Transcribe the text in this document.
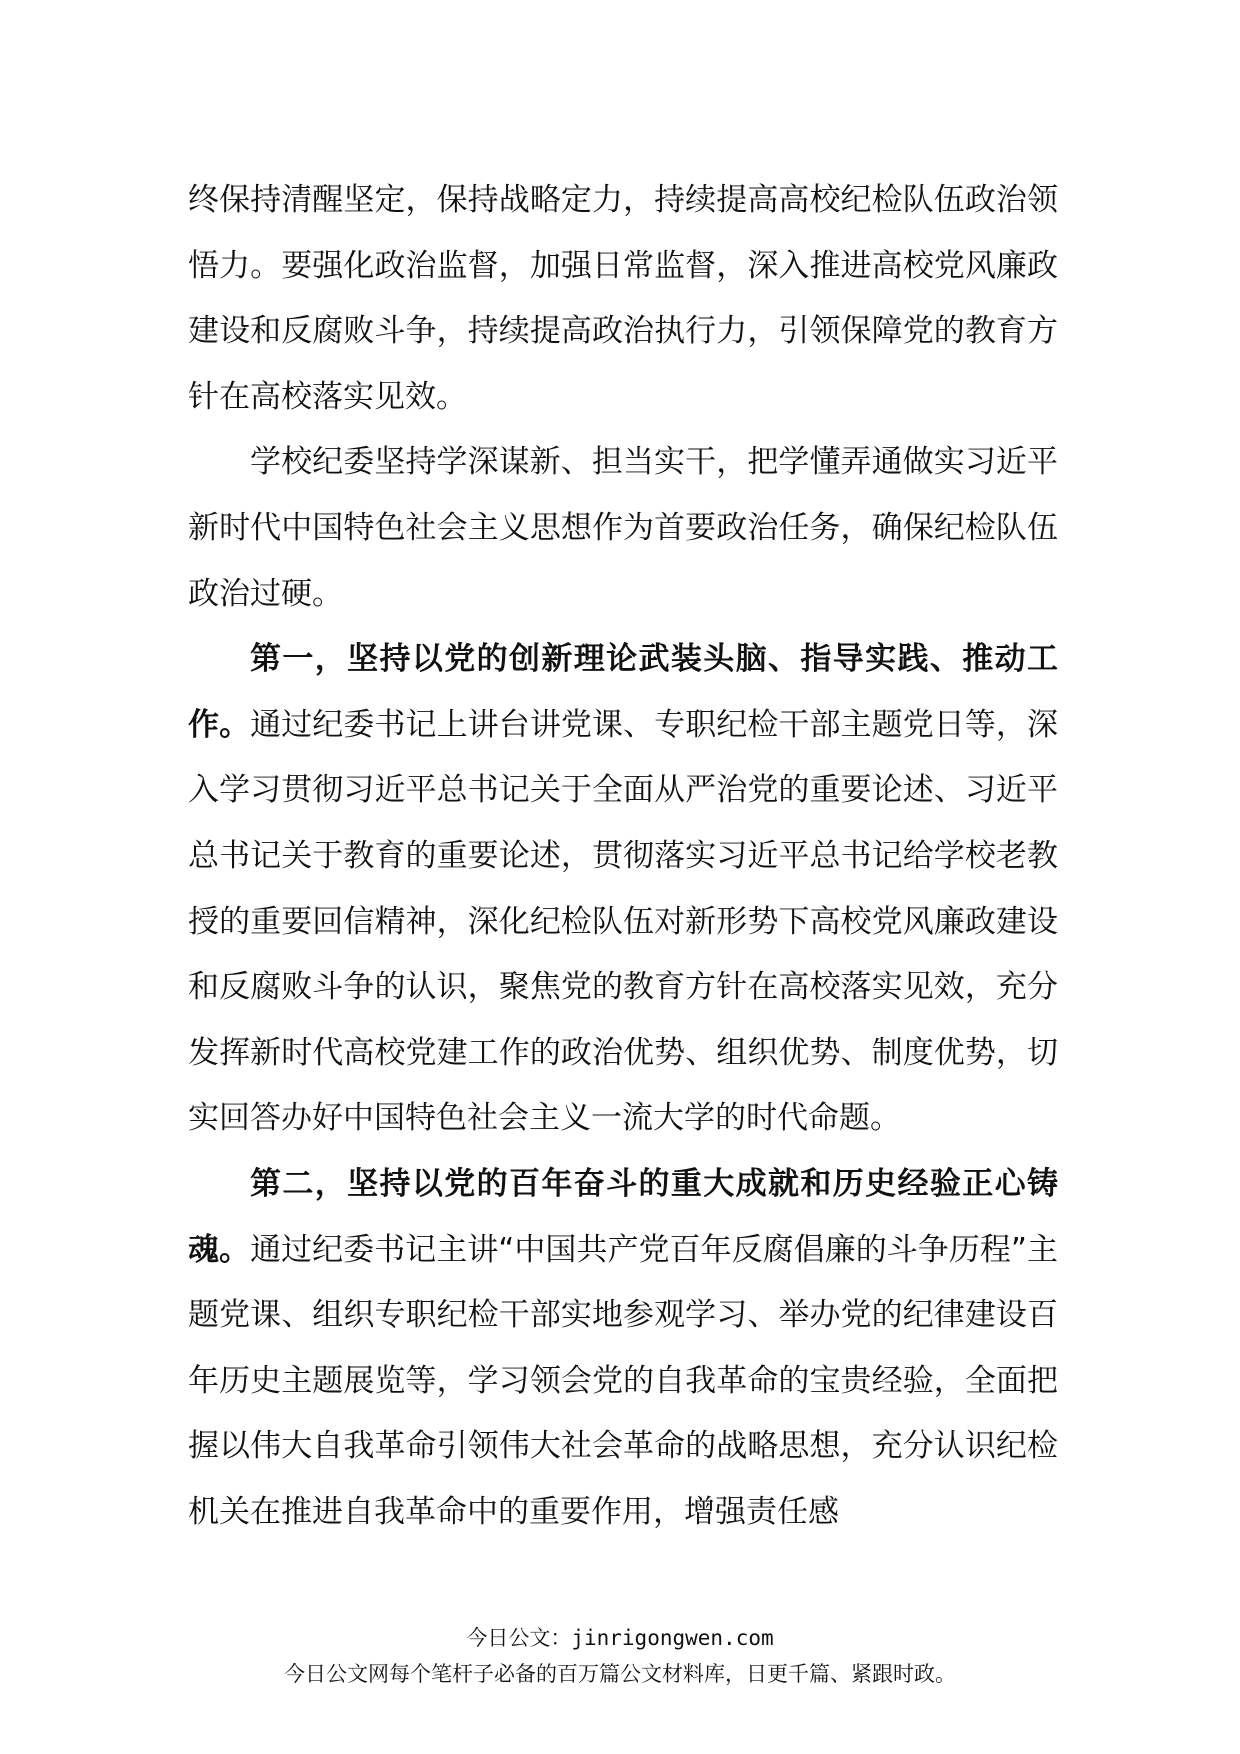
终保持清醒坚定，保持战略定力，持续提高高校纪检队伍政治领悟力。要强化政治监督，加强日常监督，深入推进高校党风廉政建设和反腐败斗争，持续提高政治执行力，引领保障党的教育方针在高校落实见效。

学校纪委坚持学深谋新、担当实干，把学懂弄通做实习近平新时代中国特色社会主义思想作为首要政治任务，确保纪检队伍政治过硬。

第一，坚持以党的创新理论武装头脑、指导实践、推动工作。通过纪委书记上讲台讲党课、专职纪检干部主题党日等，深入学习贯彻习近平总书记关于全面从严治党的重要论述、习近平总书记关于教育的重要论述，贯彻落实习近平总书记给学校老教授的重要回信精神，深化纪检队伍对新形势下高校党风廉政建设和反腐败斗争的认识，聚焦党的教育方针在高校落实见效，充分发挥新时代高校党建工作的政治优势、组织优势、制度优势，切实回答办好中国特色社会主义一流大学的时代命题。

第二，坚持以党的百年奋斗的重大成就和历史经验正心铸魂。通过纪委书记主讲“中国共产党百年反腐倡廉的斗争历程”主题党课、组织专职纪检干部实地参观学习、举办党的纪律建设百年历史主题展览等，学习领会党的自我革命的宝贵经验，全面把握以伟大自我革命引领伟大社会革命的战略思想，充分认识纪检机关在推进自我革命中的重要作用，增强责任感

今日公文：jinrigongwen.com
今日公文网每个笔杆子必备的百万篇公文材料库，日更千篇、紧跟时政。
